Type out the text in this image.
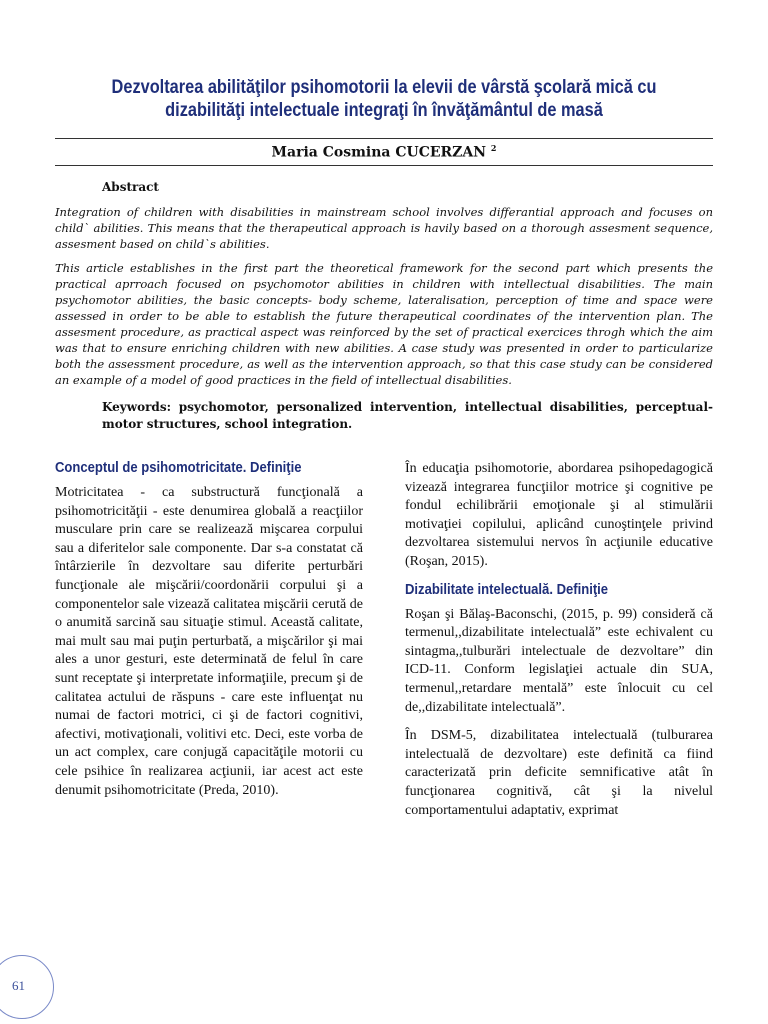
Dezvoltarea abilităţilor psihomotorii la elevii de vârstă şcolară mică cu dizabilităţi intelectuale integraţi în învăţământul de masă
Maria Cosmina CUCERZAN $^2$
Abstract
Integration of children with disabilities in mainstream school involves differantial approach and focuses on child` abilities. This means that the therapeutical approach is havily based on a thorough assesment sequence, assesment based on child`s abilities.
This article establishes in the first part the theoretical framework for the second part which presents the practical aprroach focused on psychomotor abilities in children with intellectual disabilities. The main psychomotor abilities, the basic concepts- body scheme, lateralisation, perception of time and space were assessed in order to be able to establish the future therapeutical coordinates of the intervention plan. The assesment procedure, as practical aspect was reinforced by the set of practical exercices throgh which the aim was that to ensure enriching children with new abilities. A case study was presented in order to particularize both the assessment procedure, as well as the intervention approach, so that this case study can be considered an example of a model of good practices in the field of intellectual disabilities.
Keywords: psychomotor, personalized intervention, intellectual disabilities, perceptual-motor structures, school integration.
Conceptul de psihomotricitate. Definiţie

Motricitatea - ca substructură funcţională a psihomotricităţii - este denumirea globală a reacţiilor musculare prin care se realizează mişcarea corpului sau a diferitelor sale componente. Dar s-a constatat că întârzierile în dezvoltare sau diferite perturbări funcţionale ale mişcării/coordonării corpului şi a componentelor sale vizează calitatea mişcării cerută de o anumită sarcină sau situaţie stimul. Această calitate, mai mult sau mai puţin perturbată, a mişcărilor şi mai ales a unor gesturi, este determinată de felul în care sunt receptate şi interpretate informaţiile, precum şi de calitatea actului de răspuns - care este influenţat nu numai de factori motrici, ci şi de factori cognitivi, afectivi, motivaţionali, volitivi etc. Deci, este vorba de un act complex, care conjugă capacităţile motorii cu cele psihice în realizarea acţiunii, iar acest act este denumit psihomotricitate (Preda, 2010).

În educaţia psihomotorie, abordarea psihopedagogică vizează integrarea funcţiilor motrice şi cognitive pe fondul echilibrării emoţionale şi al stimulării motivaţiei copilului, aplicând cunoştinţele privind dezvoltarea sistemului nervos în acţiunile educative (Roşan, 2015).

Dizabilitate intelectuală. Definiţie

Roşan şi Bălaş-Baconschi, (2015, p. 99) consideră că termenul,,dizabilitate intelectuală” este echivalent cu sintagma,,tulburări intelectuale de dezvoltare” din ICD-11. Conform legislaţiei actuale din SUA, termenul,,retardare mentală” este înlocuit cu cel de,,dizabilitate intelectuală”.

În DSM-5, dizabilitatea intelectuală (tulburarea intelectuală de dezvoltare) este definită ca fiind caracterizată prin deficite semnificative atât în funcţionarea cognitivă, cât şi la nivelul comportamentului adaptativ, exprimat

61
